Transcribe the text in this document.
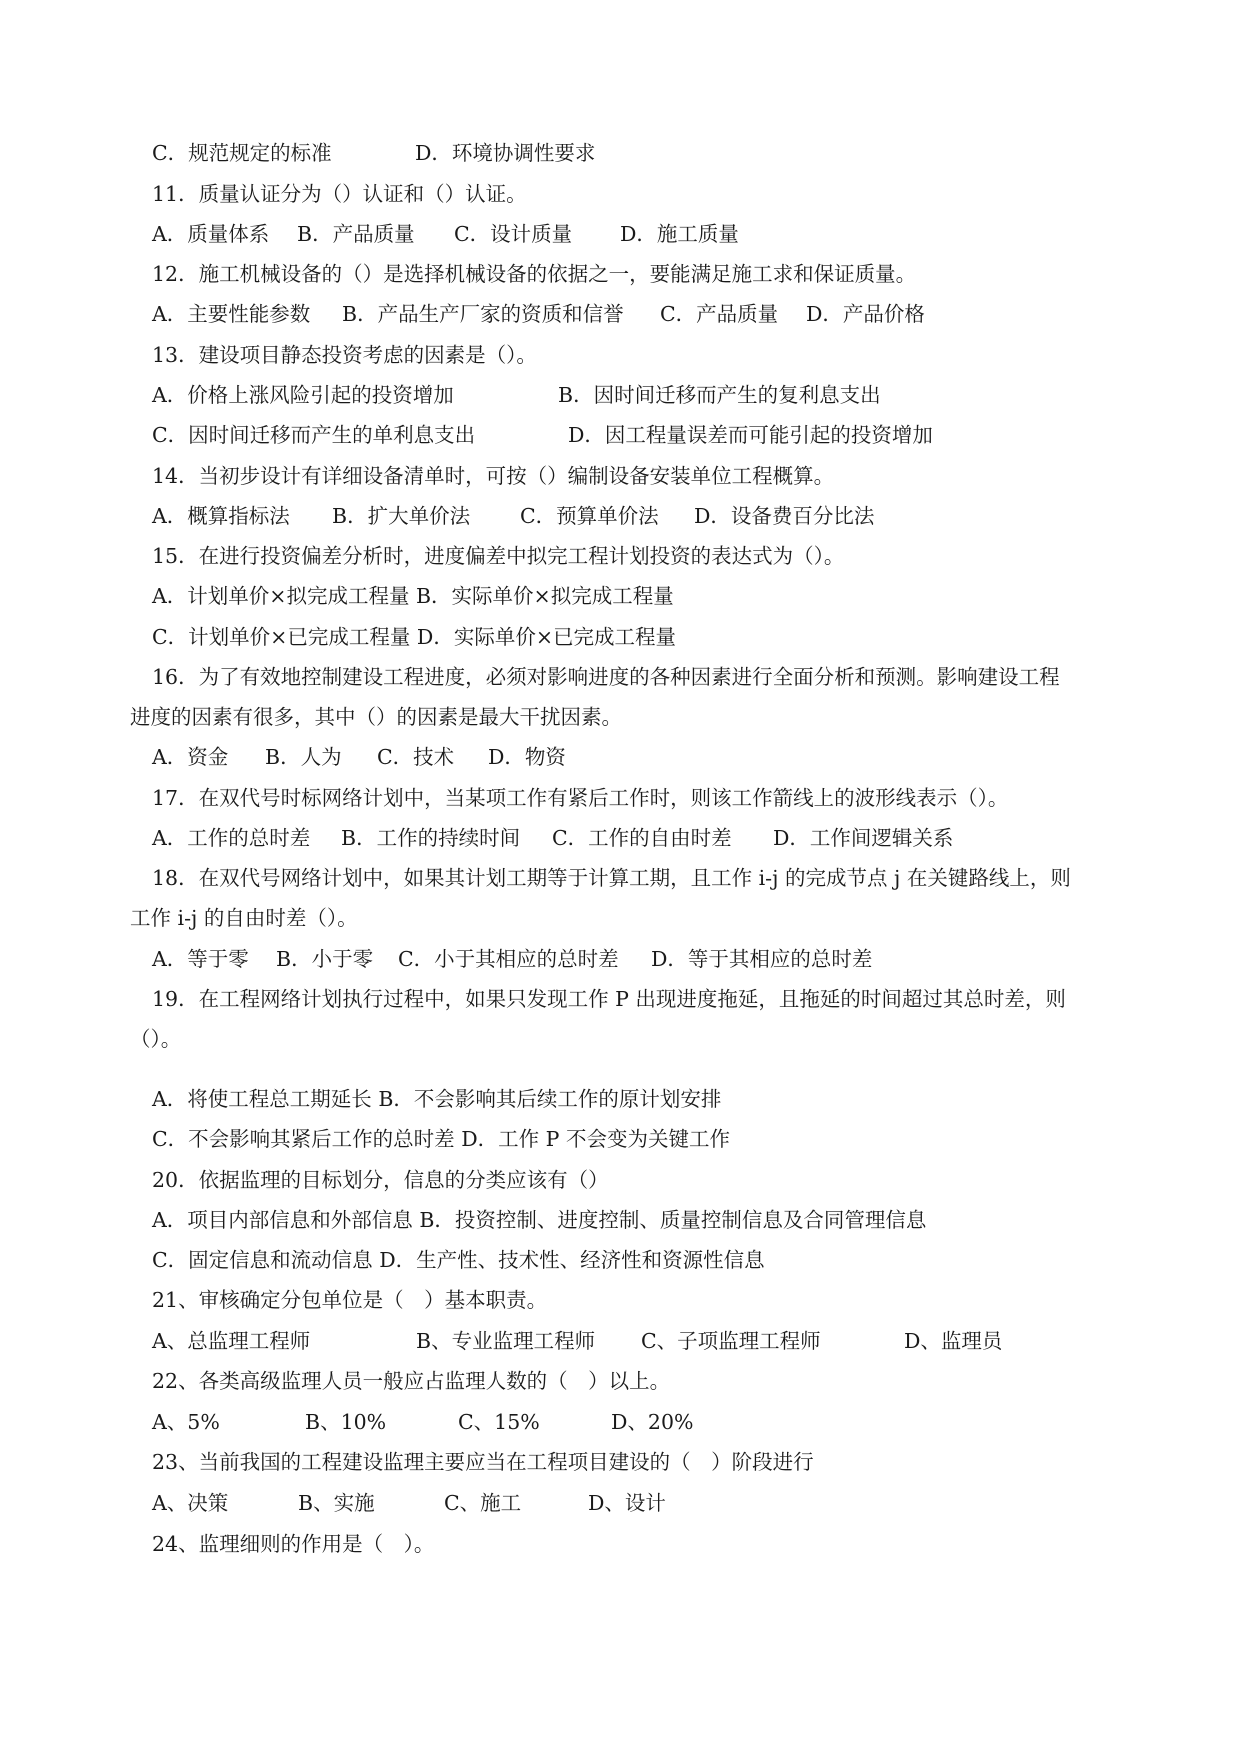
C．规范规定的标准	D．环境协调性要求
11．质量认证分为（）认证和（）认证。
A．质量体系 B．产品质量 C．设计质量 D．施工质量
12．施工机械设备的（）是选择机械设备的依据之一，要能满足施工求和保证质量。
A．主要性能参数 B．产品生产厂家的资质和信誉 C．产品质量 D．产品价格
13．建设项目静态投资考虑的因素是（）。
A．价格上涨风险引起的投资增加	B．因时间迁移而产生的复利息支出
C．因时间迁移而产生的单利息支出	D．因工程量误差而可能引起的投资增加
14．当初步设计有详细设备清单时，可按（）编制设备安装单位工程概算。
A．概算指标法 B．扩大单价法 C．预算单价法 D．设备费百分比法
15．在进行投资偏差分析时，进度偏差中拟完工程计划投资的表达式为（）。
A．计划单价×拟完成工程量 B．实际单价×拟完成工程量
C．计划单价×已完成工程量 D．实际单价×已完成工程量
16．为了有效地控制建设工程进度，必须对影响进度的各种因素进行全面分析和预测。影响建设工程
进度的因素有很多，其中（）的因素是最大干扰因素。
A．资金 B．人为 C．技术 D．物资
17．在双代号时标网络计划中，当某项工作有紧后工作时，则该工作箭线上的波形线表示（）。
A．工作的总时差 B．工作的持续时间 C．工作的自由时差 D．工作间逻辑关系
18．在双代号网络计划中，如果其计划工期等于计算工期，且工作 i-j 的完成节点 j 在关键路线上，则
工作 i-j 的自由时差（）。
A．等于零 B．小于零 C．小于其相应的总时差 D．等于其相应的总时差
19．在工程网络计划执行过程中，如果只发现工作 P 出现进度拖延，且拖延的时间超过其总时差，则
（）。
A．将使工程总工期延长 B．不会影响其后续工作的原计划安排
C．不会影响其紧后工作的总时差 D．工作 P 不会变为关键工作
20．依据监理的目标划分，信息的分类应该有（）
A．项目内部信息和外部信息 B．投资控制、进度控制、质量控制信息及合同管理信息
C．固定信息和流动信息 D．生产性、技术性、经济性和资源性信息
21、审核确定分包单位是（　）基本职责。
A、总监理工程师	B、专业监理工程师 C、子项监理工程师	D、监理员
22、各类高级监理人员一般应占监理人数的（　）以上。
A、5%	B、10%	C、15%	D、20%
23、当前我国的工程建设监理主要应当在工程项目建设的（　）阶段进行
A、决策	B、实施	C、施工	D、设计
24、监理细则的作用是（　）。
